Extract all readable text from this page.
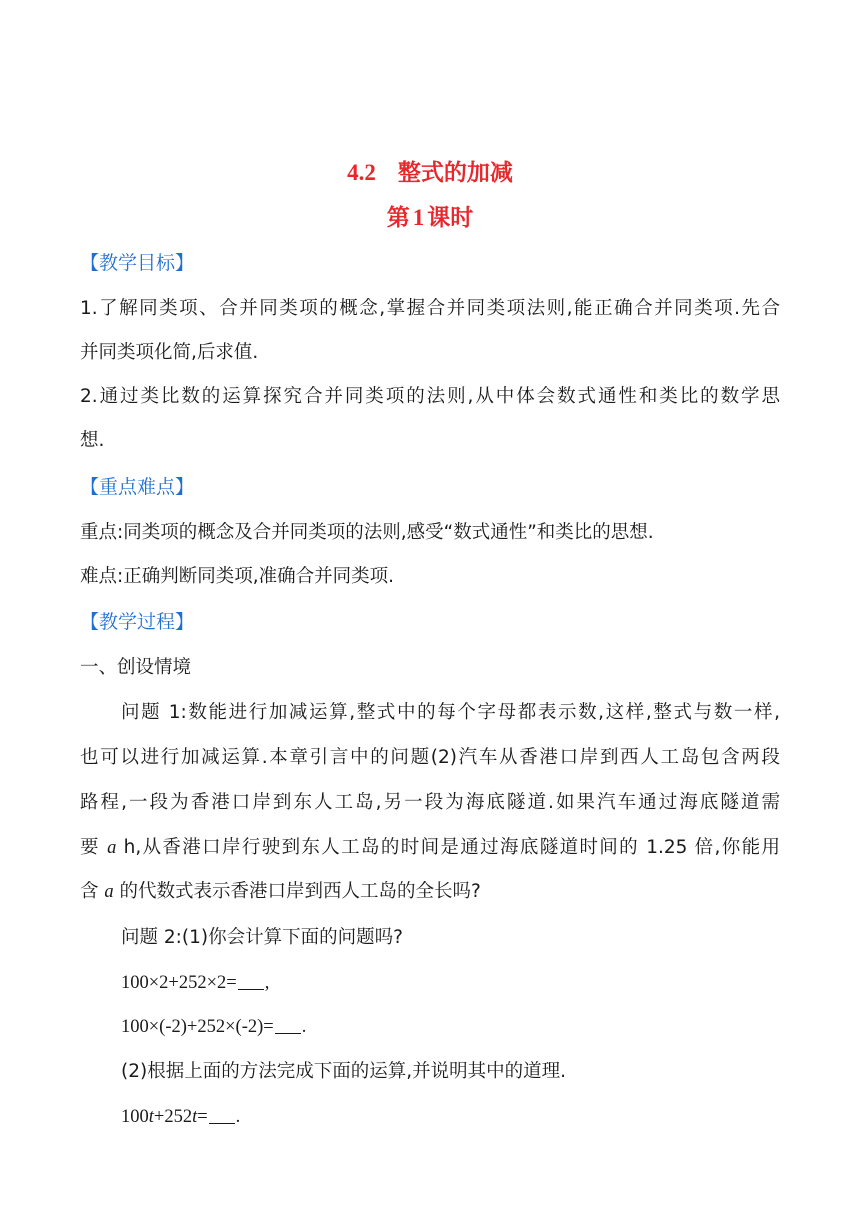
4.2 整式的加减
第 1 课时
【教学目标】
1.了解同类项、合并同类项的概念,掌握合并同类项法则,能正确合并同类项.先合
并同类项化简,后求值.
2.通过类比数的运算探究合并同类项的法则,从中体会数式通性和类比的数学思
想.
【重点难点】
重点:同类项的概念及合并同类项的法则,感受“数式通性”和类比的思想.
难点:正确判断同类项,准确合并同类项.
【教学过程】
一、创设情境
问题 1:数能进行加减运算,整式中的每个字母都表示数,这样,整式与数一样,
也可以进行加减运算.本章引言中的问题(2)汽车从香港口岸到西人工岛包含两段
路程,一段为香港口岸到东人工岛,另一段为海底隧道.如果汽车通过海底隧道需
要 a h,从香港口岸行驶到东人工岛的时间是通过海底隧道时间的 1.25 倍,你能用
含 a 的代数式表示香港口岸到西人工岛的全长吗?
问题 2:(1)你会计算下面的问题吗?
100×2+252×2= ,
100×(-2)+252×(-2)= .
(2)根据上面的方法完成下面的运算,并说明其中的道理.
100t+252t= .
